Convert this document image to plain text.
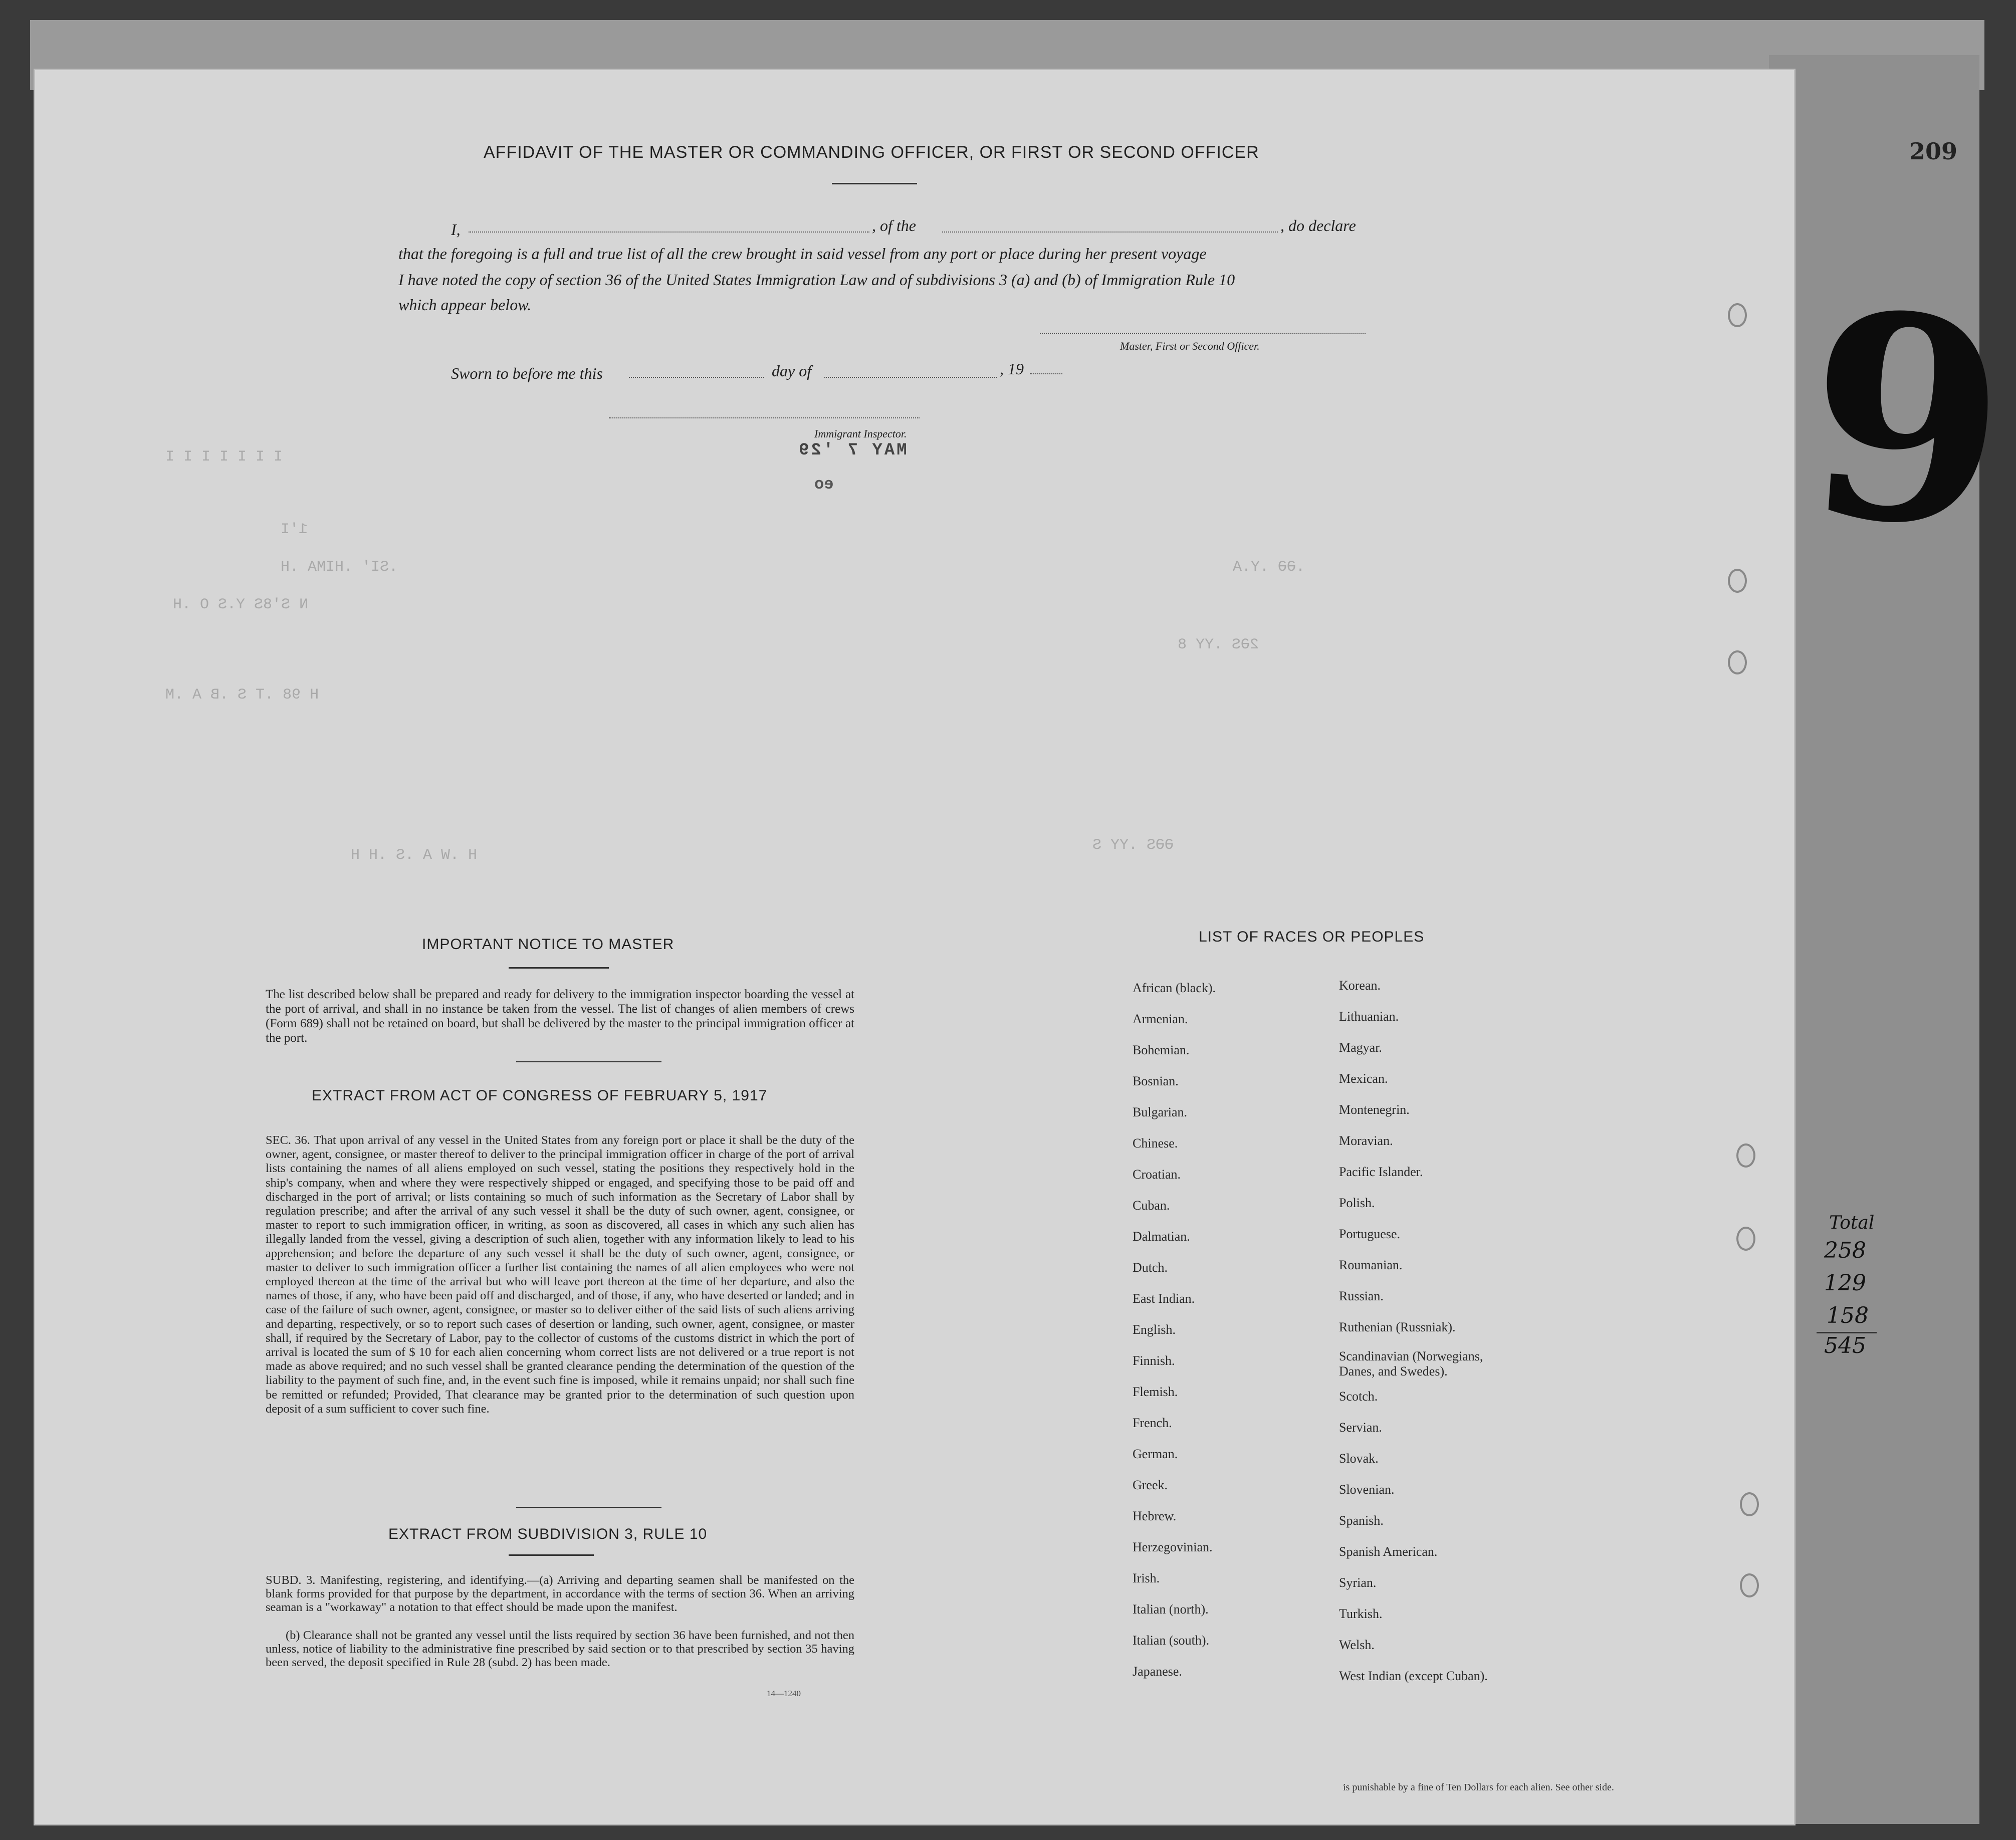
209
9
AFFIDAVIT OF THE MASTER OR COMMANDING OFFICER, OR FIRST OR SECOND OFFICER
I,	, of the	, do declare
that the foregoing is a full and true list of all the crew brought in said vessel from any port or place during her present voyage
I have noted the copy of section 36 of the United States Immigration Law and of subdivisions 3 (a) and (b) of Immigration Rule 10
which appear below.
Master, First or Second Officer.
Sworn to before me this	day of	, 19
Immigrant Inspector.
MAY 7 '29
eo
I I I I I I I
1'I
.SI' .HIMA .H
N S'8S Y.S O .H
.ƏƏ .Y.A
2ƏS .YY 8
H 98 .T S .B A .M
H .W A .S .H H
ƏƏS .YY S
IMPORTANT NOTICE TO MASTER
The list described below shall be prepared and ready for delivery to the immigration inspector boarding the vessel at the port of arrival, and shall in no instance be taken from the vessel. The list of changes of alien members of crews (Form 689) shall not be retained on board, but shall be delivered by the master to the principal immigration officer at the port.
EXTRACT FROM ACT OF CONGRESS OF FEBRUARY 5, 1917
SEC. 36. That upon arrival of any vessel in the United States from any foreign port or place it shall be the duty of the owner, agent, consignee, or master thereof to deliver to the principal immigration officer in charge of the port of arrival lists containing the names of all aliens employed on such vessel, stating the positions they respectively hold in the ship's company, when and where they were respectively shipped or engaged, and specifying those to be paid off and discharged in the port of arrival; or lists containing so much of such information as the Secretary of Labor shall by regulation prescribe; and after the arrival of any such vessel it shall be the duty of such owner, agent, consignee, or master to report to such immigration officer, in writing, as soon as discovered, all cases in which any such alien has illegally landed from the vessel, giving a description of such alien, together with any information likely to lead to his apprehension; and before the departure of any such vessel it shall be the duty of such owner, agent, consignee, or master to deliver to such immigration officer a further list containing the names of all alien employees who were not employed thereon at the time of the arrival but who will leave port thereon at the time of her departure, and also the names of those, if any, who have been paid off and discharged, and of those, if any, who have deserted or landed; and in case of the failure of such owner, agent, consignee, or master so to deliver either of the said lists of such aliens arriving and departing, respectively, or so to report such cases of desertion or landing, such owner, agent, consignee, or master shall, if required by the Secretary of Labor, pay to the collector of customs of the customs district in which the port of arrival is located the sum of $ 10 for each alien concerning whom correct lists are not delivered or a true report is not made as above required; and no such vessel shall be granted clearance pending the determination of the question of the liability to the payment of such fine, and, in the event such fine is imposed, while it remains unpaid; nor shall such fine be remitted or refunded; Provided, That clearance may be granted prior to the determination of such question upon deposit of a sum sufficient to cover such fine.
EXTRACT FROM SUBDIVISION 3, RULE 10
SUBD. 3. Manifesting, registering, and identifying.—(a) Arriving and departing seamen shall be manifested on the blank forms provided for that purpose by the department, in accordance with the terms of section 36. When an arriving seaman is a "workaway" a notation to that effect should be made upon the manifest.
(b) Clearance shall not be granted any vessel until the lists required by section 36 have been furnished, and not then unless, notice of liability to the administrative fine prescribed by said section or to that prescribed by section 35 having been served, the deposit specified in Rule 28 (subd. 2) has been made.
14—1240
LIST OF RACES OR PEOPLES
African (black).
Armenian.
Bohemian.
Bosnian.
Bulgarian.
Chinese.
Croatian.
Cuban.
Dalmatian.
Dutch.
East Indian.
English.
Finnish.
Flemish.
French.
German.
Greek.
Hebrew.
Herzegovinian.
Irish.
Italian (north).
Italian (south).
Japanese.
Korean.
Lithuanian.
Magyar.
Mexican.
Montenegrin.
Moravian.
Pacific Islander.
Polish.
Portuguese.
Roumanian.
Russian.
Ruthenian (Russniak).
Scandinavian (Norwegians, Danes, and Swedes).
Scotch.
Servian.
Slovak.
Slovenian.
Spanish.
Spanish American.
Syrian.
Turkish.
Welsh.
West Indian (except Cuban).
Total
258
129
158
545
is punishable by a fine of Ten Dollars for each alien. See other side.
